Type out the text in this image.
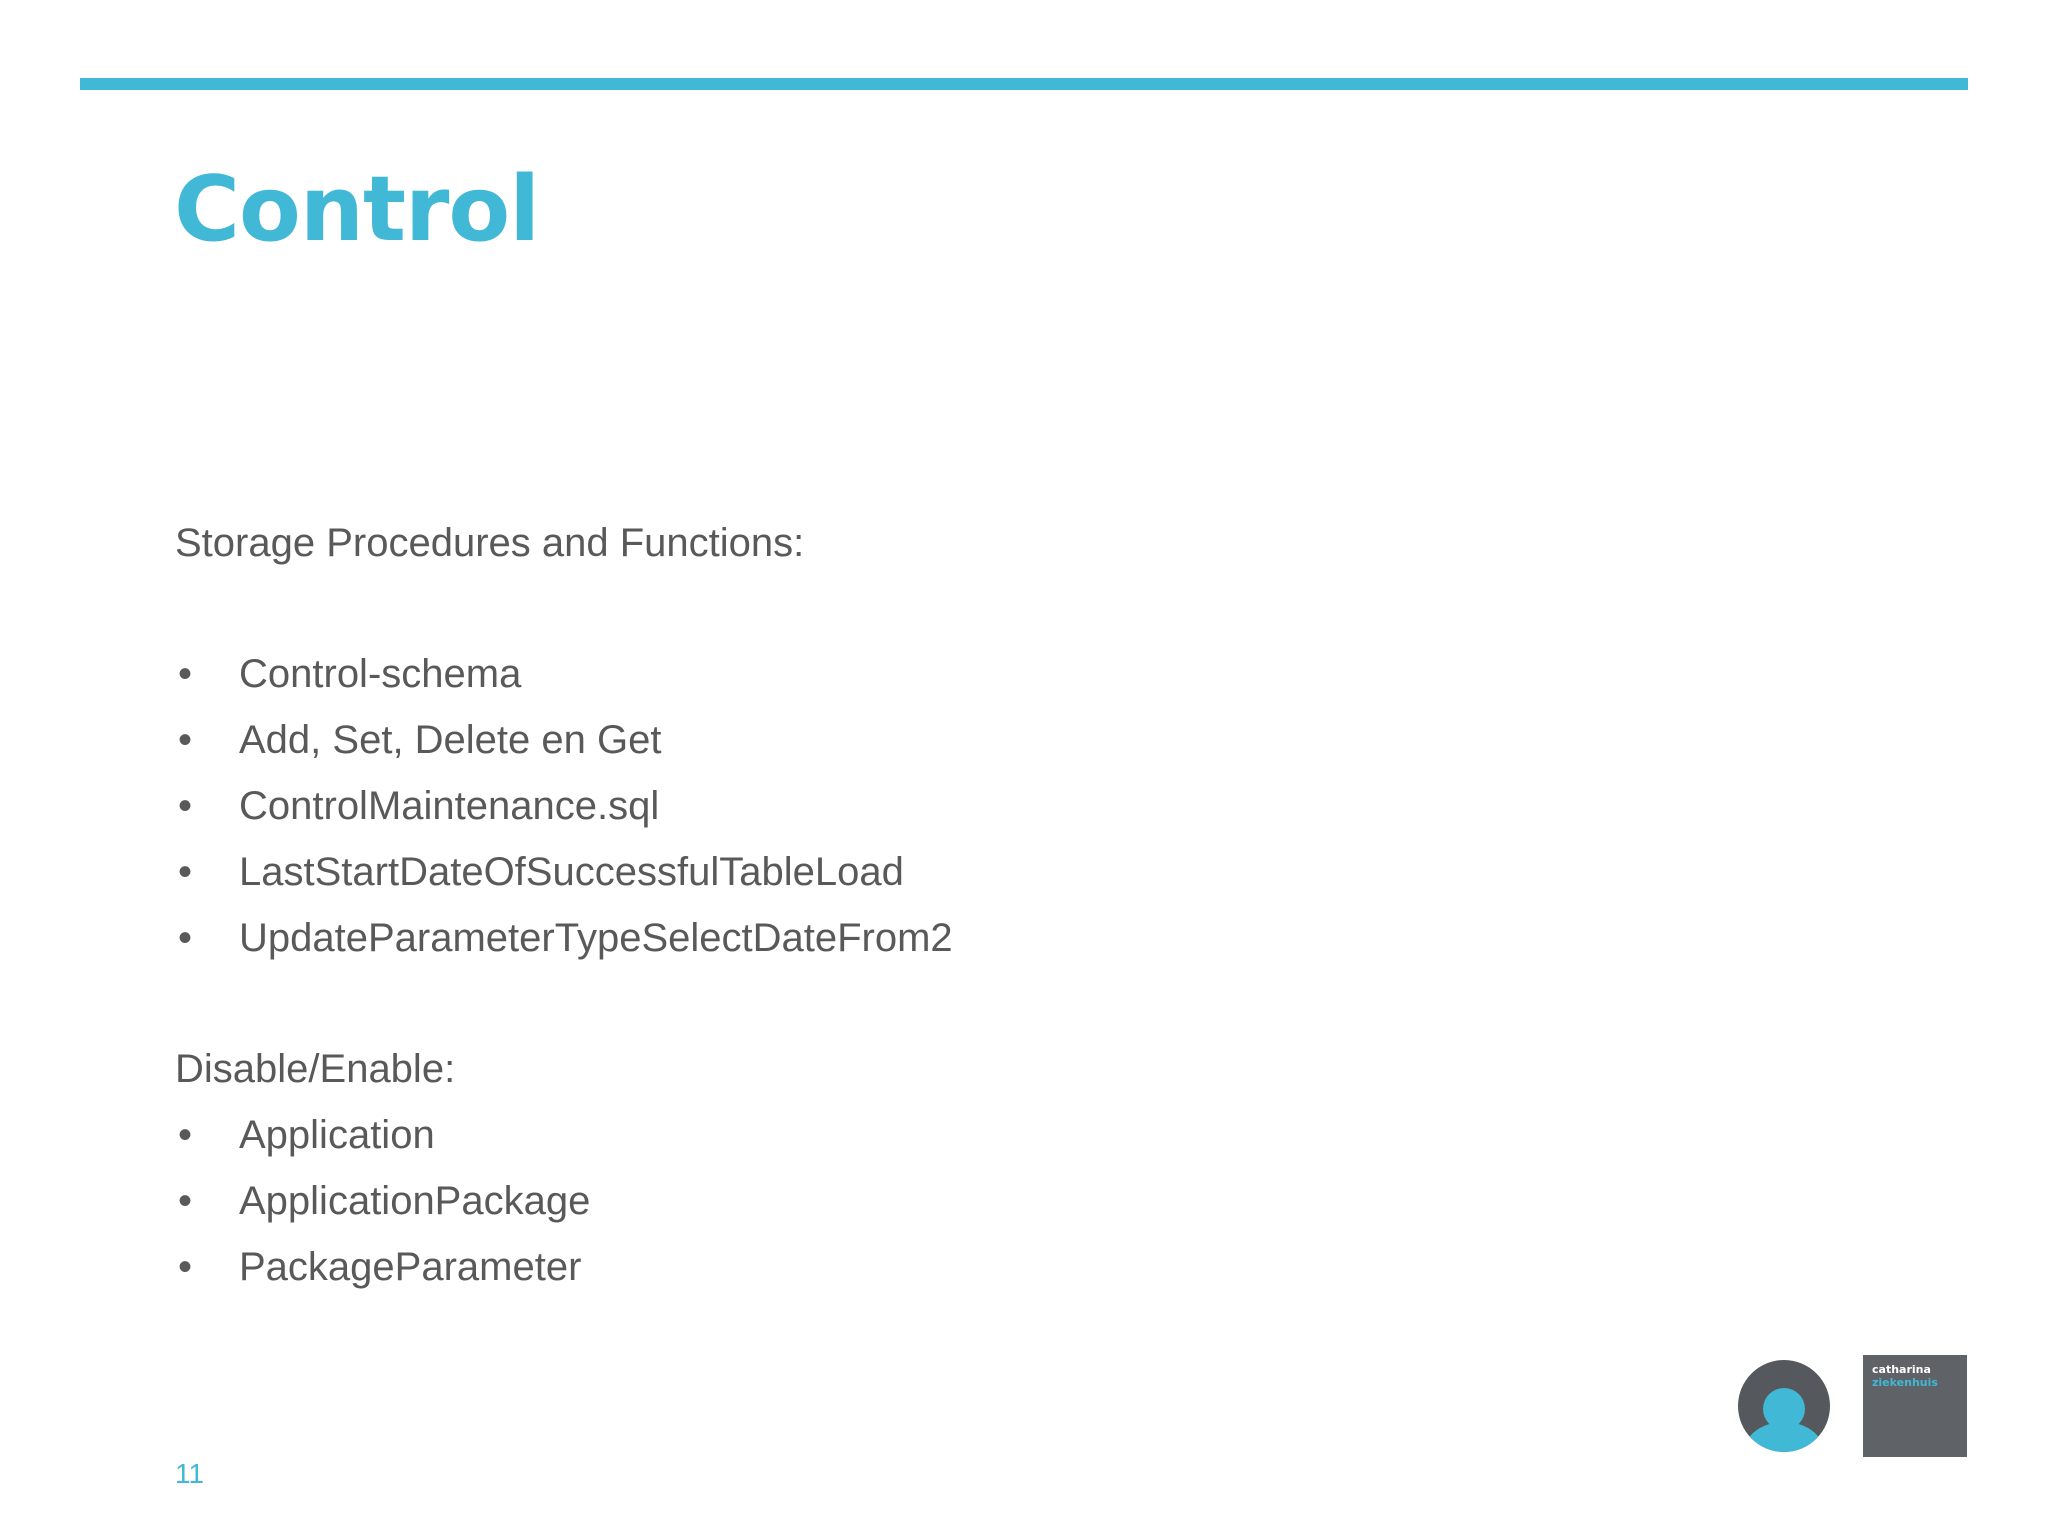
Control

Storage Procedures and Functions:

• Control-schema
• Add, Set, Delete en Get
• ControlMaintenance.sql
• LastStartDateOfSuccessfulTableLoad
• UpdateParameterTypeSelectDateFrom2

Disable/Enable:

• Application
• ApplicationPackage
• PackageParameter
11
catharina
ziekenhuis
